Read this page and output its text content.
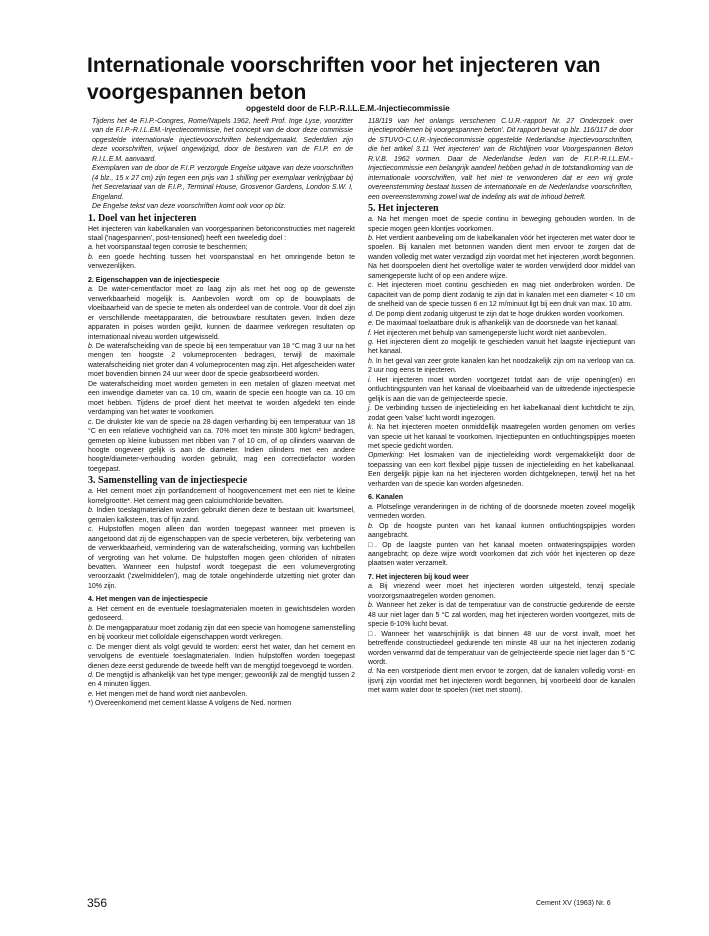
Internationale voorschriften voor het injecteren van voorgespannen beton
opgesteld door de F.I.P.-R.I.L.E.M.-Injectiecommissie

Tijdens het 4e F.I.P.-Congres, Rome/Napels 1962, heeft Prof. Inge Lyse, voorzitter van de F.I.P.-R.I.L.EM.-Injectiecommissie, het concept van de door deze commissie opgestelde internationale injectievoorschriften bekendgemaakt. Sedertdien zijn deze voorschriften, vrijwel ongewijzigd, door de besturen van de F.I.P. en de R.I.L.E.M. aanvaard.

Exemplaren van de door de F.I.P. verzorgde Engelse uitgave van deze voorschriften (4 blz., 15 x 27 cm) zijn tegen een prijs van 1 shilling per exemplaar verkrijgbaar bij het Secretariaat van de F.I.P., Terminal House, Grosvenor Gardens, London S.W. I, Engeland.

De Engelse tekst van deze voorschriften komt ook voor op blz.

1. Doel van het injecteren

Het injecteren van kabelkanalen van voorgespannen betonconstructies met nagerekt staal ('nagespannen', post-tensioned) heeft een tweeledig doel :

a. het voorspanstaal tegen corrosie te beschermen;

b. een goede hechting tussen het voorspanstaal en het omringende beton te verwezenlijken.

2. Eigenschappen van de injectiespecie

a. De water-cementfactor moet zo laag zijn als met het oog op de gewenste verwerkbaarheid mogelijk is. Aanbevolen wordt om op de bouwplaats de vloeibaarheid van de specie te meten als onderdeel van de controle. Voor dit doel zijn er verschillende meetapparaten, die betrouwbare resultaten geven. Indien deze apparaten in poises worden geijkt, kunnen de daarmee verkregen resultaten op internationaal niveau worden uitgewisseld.

b. De waterafscheiding van de specie bij een temperatuur van 18 °C mag 3 uur na het mengen ten hoogste 2 volumeprocenten bedragen, terwijl de maximale waterafscheiding niet groter dan 4 volumeprocenten mag zijn. Het afgescheiden water moet bovendien binnen 24 uur weer door de specie geabsorbeerd worden.

De waterafscheiding moet worden gemeten in een metalen of glazen meetvat met een inwendige diameter van ca. 10 cm, waarin de specie een hoogte van ca. 10 cm moet hebben. Tijdens de proef dient het meetvat te worden afgedekt ten einde verdamping van het water te voorkomen.

c. De drukster kte van de specie na 28 dagen verharding bij een temperatuur van 18 °C en een relatieve vochtigheid van ca. 70% moet ten minste 300 kg/cm² bedragen, gemeten op kleine kubussen met ribben van 7 of 10 cm, of op cilinders waarvan de hoogte ongeveer gelijk is aan de diameter. Indien cilinders met een andere hoogte/diameter-verhouding worden gebruikt, mag een correctiefactor worden toegepast.

3. Samenstelling van de injectiespecie

a. Het cement moet zijn portlandcement of hoogovencement met een niet te kleine korrelgrootte*. Het cement mag geen calciumchloride bevatten.

b. Indien toeslagmaterialen worden gebruikt dienen deze te bestaan uit: kwartsmeel, gemalen kalksteen, tras of fijn zand.

c. Hulpstoffen mogen alleen dan worden toegepast wanneer met proeven is aangetoond dat zij de eigenschappen van de specie verbeteren, bijv. verbetering van de verwerkbaarheid, vermindering van de waterafscheiding, vorming van luchtbellen of vergroting van het volume. De hulpstoffen mogen geen chloriden of nitraten bevatten. Wanneer een hulpstof wordt toegepast die een volumevergroting veroorzaakt ('zwelmiddelen'), mag de totale ongehinderde uitzetting niet groter dan 10% zijn.

4. Het mengen van de injectiespecie

a. Het cement en de eventuele toeslagmaterialen moeten in gewichtsdelen worden gedoseerd.

b. De mengapparatuur moet zodanig zijn dat een specie van homogene samenstelling en bij voorkeur met colloïdale eigenschappen wordt verkregen.

c. De menger dient als volgt gevuld te worden: eerst het water, dan het cement en vervolgens de eventuele toeslagmaterialen. Indien hulpstoffen worden toegepast dienen deze eerst gedurende de tweede helft van de mengtijd toegevoegd te worden.

d. De mengtijd is afhankelijk van het type menger; gewoonlijk zal de mengtijd tussen 2 en 4 minuten liggen.

e. Het mengen met de hand wordt niet aanbevolen.

*) Overeenkomend met cement klasse A volgens de Ned. normen

118/119 van het onlangs verschenen C.U.R.-rapport Nr. 27 Onderzoek over injectieproblemen bij voorgespannen beton'. Dit rapport bevat op blz. 116/117 de door de STUVO-C.U.R.-Injectiecommissie opgestelde Nederlandse Injectievoorschriften, die het artikel 3.11 'Het injecteren' van de Richtlijnen voor Voorgespannen Beton R.V.B. 1962 vormen. Daar de Nederlandse leden van de F.I.P.-R.I.L.EM.-Injectiecommissie een belangrijk aandeel hebben gehad in de totstandkoming van de internationale voorschriften, valt het niet te verwonderen dat er een vrij grote overeenstemming bestaat tussen de internationale en de Nederlandse voorschriften, een overeenstemming zowel wat de indeling als wat de inhoud betreft.

5. Het injecteren

a. Na het mengen moet de specie continu in beweging gehouden worden. In de specie mogen geen klontjes voorkomen.

b. Het verdient aanbeveling om de kabelkanalen vóór het injecteren met water door te spoelen. Bij kanalen met betonnen wanden dient men ervoor te zorgen dat de wanden volledig met water verzadigd zijn voordat met het injecteren ,wordt begonnen. Na het doorspoelen dient het overtollige water te worden verwijderd door middel van samengeperste lucht of op een andere wijze.

c. Het injecteren moet continu geschieden en mag niet onderbroken worden. De capaciteit van de pomp dient zodanig te zijn dat in kanalen met een diameter < 10 cm de snelheid van de specie tussen 6 en 12 m/minuut ligt bij een druk van max. 10 atm.

d. De pomp dient zodanig uitgerust te zijn dat te hoge drukken worden voorkomen.

e. De maximaal toelaatbare druk is afhankelijk van de doorsnede van het kanaal.

f. Het injecteren met behulp van samengeperste lucht wordt niet aanbevolen.

g. Het injecteren dient zo mogelijk te geschieden vanuit het laagste injectiepunt van het kanaal.

h. In het geval van zeer grote kanalen kan het noodzakelijk zijn om na verloop van ca. 2 uur nog eens te injecteren.

i. Het injecteren moet worden voortgezet totdat aan de vrije opening(en) en ontluchtingspunten van het kanaal de vloeibaarheid van de uittredende injectiespecie gelijk is aan die van de geïnjecteerde specie.

j. De verbinding tussen de injectieleiding en het kabelkanaal dient luchtdicht te zijn, zodat geen 'valse' lucht wordt ingezogen.

k. Na het injecteren moeten onmiddellijk maatregelen worden genomen om verlies van specie uit het kanaal te voorkomen. Injectiepunten en ontluchtingspijpjes moeten met specie gedicht worden.

Opmerking: Het losmaken van de injectieleiding wordt vergemakkelijkt door de toepassing van een kort flexibel pijpje tussen de injectieleiding en het kabelkanaal. Een dergelijk pijpje kan na het injecteren worden dichtgeknepen, terwijl het na het verharden van de specie kan worden afgesneden.

6. Kanalen

a. Plotselinge veranderingen in de richting of de doorsnede moeten zoveel mogelijk vermeden worden.

b. Op de hoogste punten van het kanaal kunnen ontluchtingspijpjes worden aangebracht.

□. Op de laagste punten van het kanaal moeten ontwateringspijpjes worden aangebracht; op deze wijze wordt voorkomen dat zich vóór het injecteren op deze plaatsen water verzamelt.

7. Het injecteren bij koud weer

a. Bij vriezend weer moet het injecteren worden uitgesteld, tenzij speciale voorzorgsmaatregelen worden genomen.

b. Wanneer het zeker is dat de temperatuur van de constructie gedurende de eerste 48 uur niet lager dan 5 °C zal worden, mag het injecteren worden voortgezet, mits de specie 6-10% lucht bevat.

□. Wanneer het waarschijnlijk is dat binnen 48 uur de vorst invalt, moet het betreffende constructiedeel gedurende ten minste 48 uur na het injecteren zodanig worden verwarmd dat de temperatuur van de geïnjecteerde specie niet lager dan 5 °C wordt.

d. Na een vorstperiode dient men ervoor te zorgen, dat de kanalen volledig vorst- en ijsvrij zijn voordat met het injecteren wordt begonnen, bij voorbeeld door de kanalen met warm water door te spoelen (niet met stoom).

356	Cement XV (1963) Nr. 6
